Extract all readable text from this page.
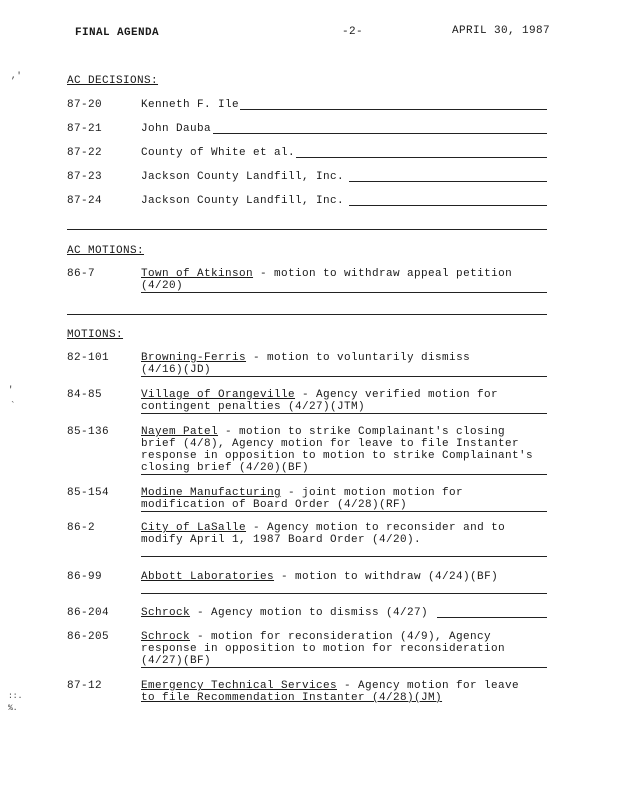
FINAL AGENDA	-2-	APRIL 30, 1987
,'
'
`
::.
%.
AC DECISIONS:
87-20	Kenneth F. Ile
87-21	John Dauba
87-22	County of White et al.
87-23	Jackson County Landfill, Inc.
87-24	Jackson County Landfill, Inc.
AC MOTIONS:
86-7	Town of Atkinson - motion to withdraw appeal petition
(4/20)
MOTIONS:
82-101	Browning-Ferris - motion to voluntarily dismiss
(4/16)(JD)
84-85	Village of Orangeville - Agency verified motion for
contingent penalties (4/27)(JTM)
85-136	Nayem Patel - motion to strike Complainant's closing
brief (4/8), Agency motion for leave to file Instanter
response in opposition to motion to strike Complainant's
closing brief (4/20)(BF)
85-154	Modine Manufacturing - joint motion motion for
modification of Board Order (4/28)(RF)
86-2	City of LaSalle - Agency motion to reconsider and to
modify April 1, 1987 Board Order (4/20).
86-99	Abbott Laboratories - motion to withdraw (4/24)(BF)
86-204	Schrock - Agency motion to dismiss (4/27)
86-205	Schrock - motion for reconsideration (4/9), Agency
response in opposition to motion for reconsideration
(4/27)(BF)
87-12	Emergency Technical Services - Agency motion for leave
to file Recommendation Instanter (4/28)(JM)
